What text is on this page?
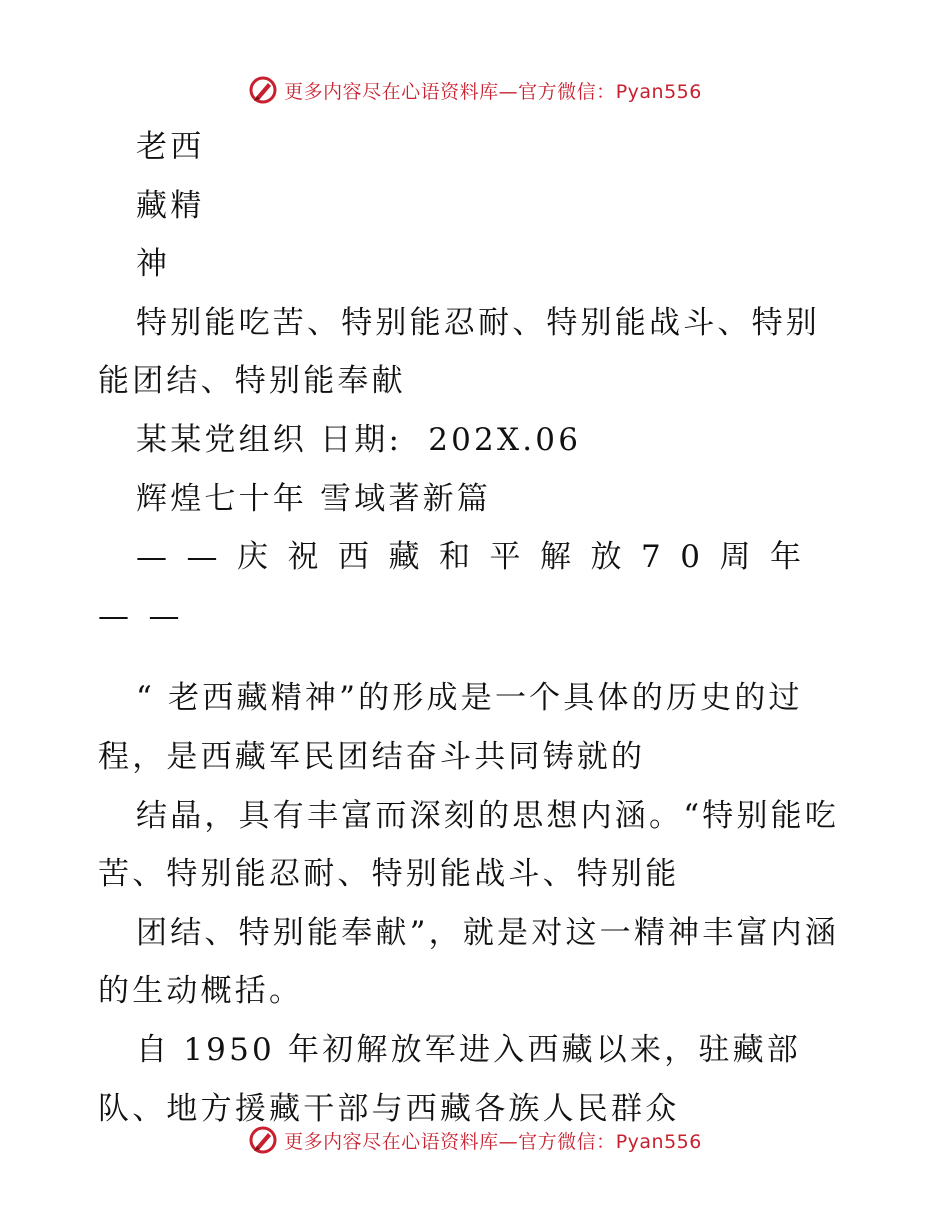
更多内容尽在心语资料库—官方微信：Pyan556

老西

藏精

神

特别能吃苦、特别能忍耐、特别能战斗、特别能团结、特别能奉献

某某党组织 日期:  202X.06

辉煌七十年 雪域著新篇

——庆祝西藏和平解放70周年——

“ 老西藏精神”的形成是一个具体的历史的过程，是西藏军民团结奋斗共同铸就的

结晶，具有丰富而深刻的思想内涵。“特别能吃苦、特别能忍耐、特别能战斗、特别能

团结、特别能奉献”，就是对这一精神丰富内涵的生动概括。

自 1950 年初解放军进入西藏以来，驻藏部队、地方援藏干部与西藏各族人民群众

更多内容尽在心语资料库—官方微信：Pyan556
